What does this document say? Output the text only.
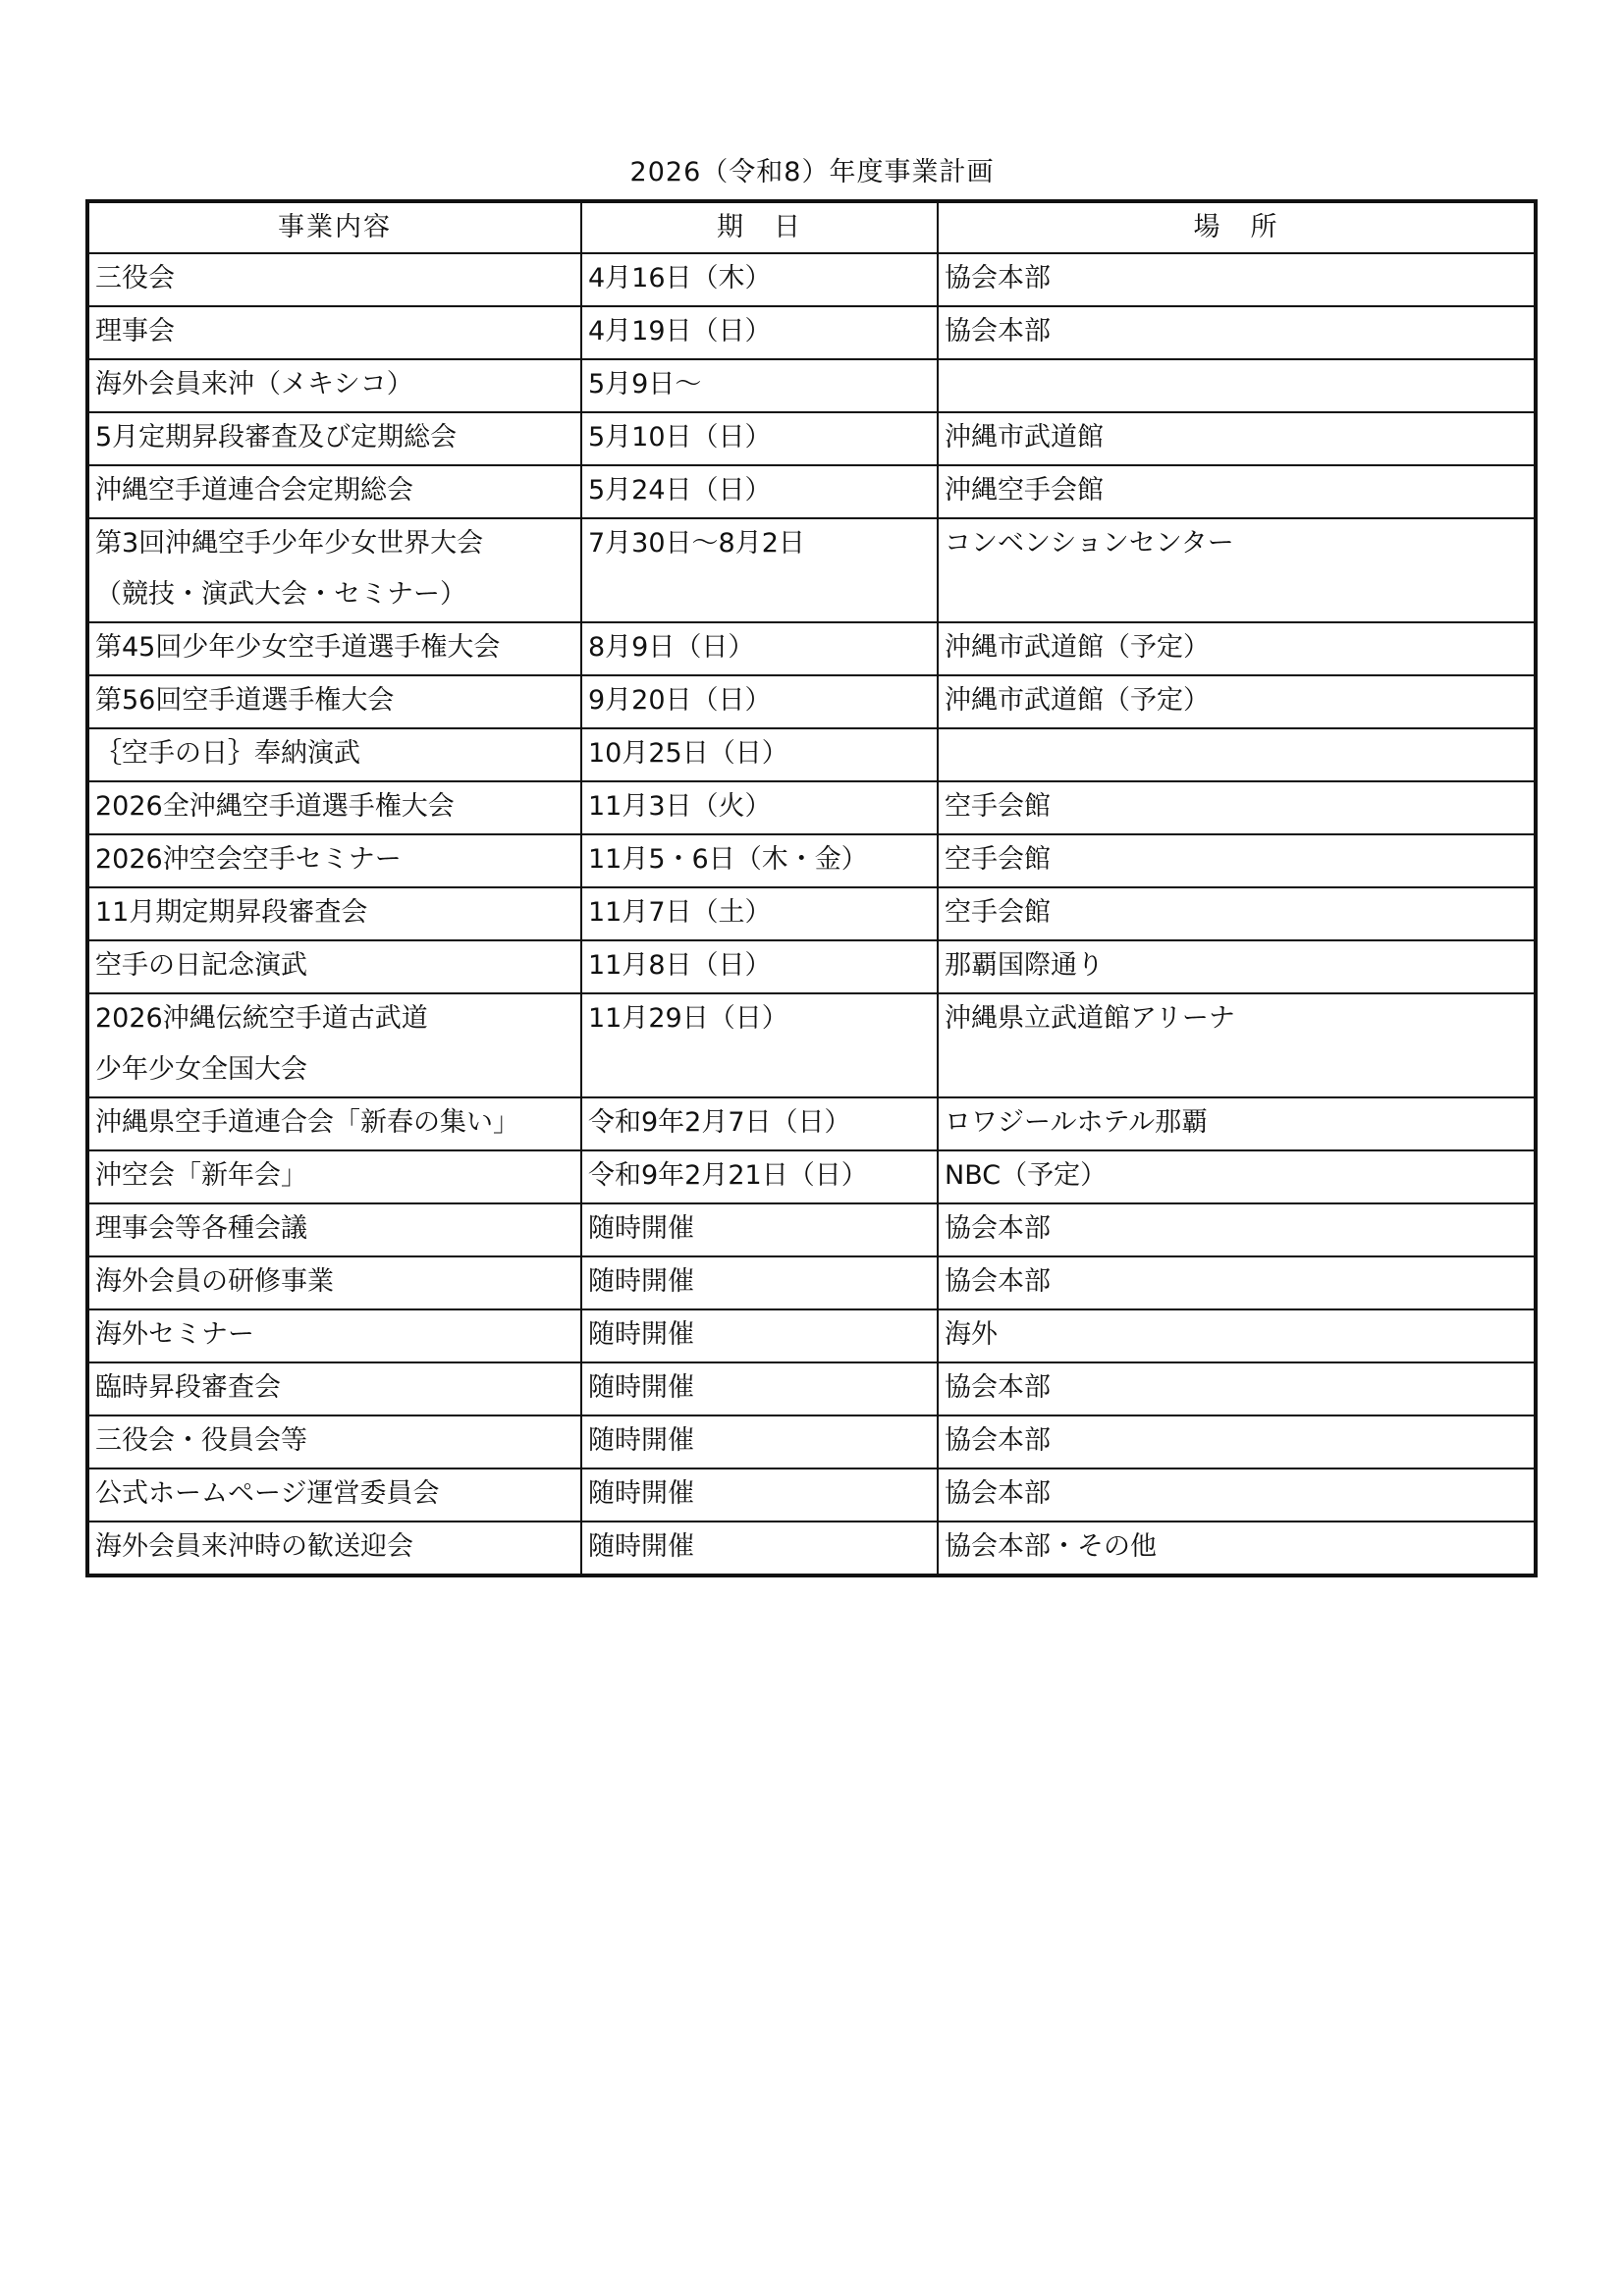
2026（令和8）年度事業計画
事業内容	期　日	場　所

三役会	4月16日（木）	協会本部

理事会	4月19日（日）	協会本部

海外会員来沖（メキシコ）	5月9日～	

5月定期昇段審査及び定期総会	5月10日（日）	沖縄市武道館

沖縄空手道連合会定期総会	5月24日（日）	沖縄空手会館

第3回沖縄空手少年少女世界大会
（競技・演武大会・セミナー）	7月30日～8月2日	コンベンションセンター

第45回少年少女空手道選手権大会	8月9日（日）	沖縄市武道館（予定）

第56回空手道選手権大会	9月20日（日）	沖縄市武道館（予定）

｛空手の日｝奉納演武	10月25日（日）	

2026全沖縄空手道選手権大会	11月3日（火）	空手会館

2026沖空会空手セミナー	11月5・6日（木・金）	空手会館

11月期定期昇段審査会	11月7日（土）	空手会館

空手の日記念演武	11月8日（日）	那覇国際通り

2026沖縄伝統空手道古武道
少年少女全国大会	11月29日（日）	沖縄県立武道館アリーナ

沖縄県空手道連合会「新春の集い」	令和9年2月7日（日）	ロワジールホテル那覇

沖空会「新年会」	令和9年2月21日（日）	NBC（予定）

理事会等各種会議	随時開催	協会本部

海外会員の研修事業	随時開催	協会本部

海外セミナー	随時開催	海外

臨時昇段審査会	随時開催	協会本部

三役会・役員会等	随時開催	協会本部

公式ホームページ運営委員会	随時開催	協会本部

海外会員来沖時の歓送迎会	随時開催	協会本部・その他
